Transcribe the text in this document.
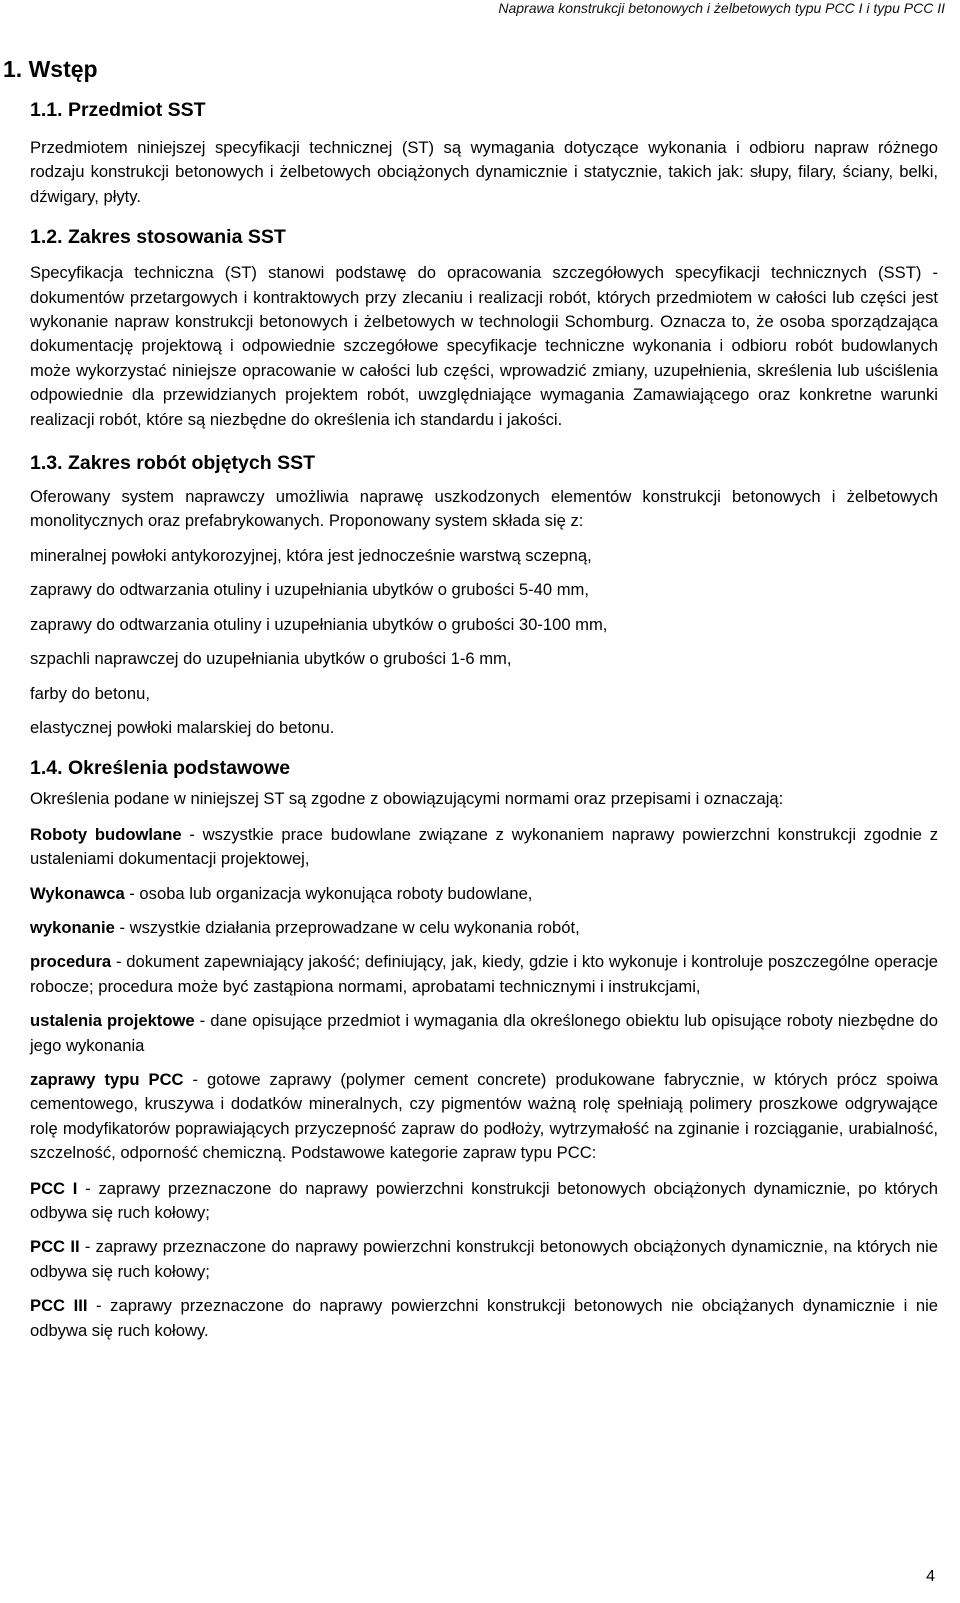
Naprawa konstrukcji betonowych i żelbetowych typu PCC I i typu PCC II
1. Wstęp
1.1. Przedmiot SST

Przedmiotem niniejszej specyfikacji technicznej (ST) są wymagania dotyczące wykonania i odbioru napraw różnego rodzaju konstrukcji betonowych i żelbetowych obciążonych dynamicznie i statycznie, takich jak: słupy, filary, ściany, belki, dźwigary, płyty.

1.2. Zakres stosowania SST

Specyfikacja techniczna (ST) stanowi podstawę do opracowania szczegółowych specyfikacji technicznych (SST) - dokumentów przetargowych i kontraktowych przy zlecaniu i realizacji robót, których przedmiotem w całości lub części jest wykonanie napraw konstrukcji betonowych i żelbetowych w technologii Schomburg. Oznacza to, że osoba sporządzająca dokumentację projektową i odpowiednie szczegółowe specyfikacje techniczne wykonania i odbioru robót budowlanych może wykorzystać niniejsze opracowanie w całości lub części, wprowadzić zmiany, uzupełnienia, skreślenia lub uściślenia odpowiednie dla przewidzianych projektem robót, uwzględniające wymagania Zamawiającego oraz konkretne warunki realizacji robót, które są niezbędne do określenia ich standardu i jakości.

1.3. Zakres robót objętych SST

Oferowany system naprawczy umożliwia naprawę uszkodzonych elementów konstrukcji betonowych i żelbetowych monolitycznych oraz prefabrykowanych. Proponowany system składa się z:

mineralnej powłoki antykorozyjnej, która jest jednocześnie warstwą sczepną,

zaprawy do odtwarzania otuliny i uzupełniania ubytków o grubości 5-40 mm,

zaprawy do odtwarzania otuliny i uzupełniania ubytków o grubości 30-100 mm,

szpachli naprawczej do uzupełniania ubytków o grubości 1-6 mm,

farby do betonu,

elastycznej powłoki malarskiej do betonu.

1.4. Określenia podstawowe

Określenia podane w niniejszej ST są zgodne z obowiązującymi normami oraz przepisami i oznaczają:

Roboty budowlane - wszystkie prace budowlane związane z wykonaniem naprawy powierzchni konstrukcji zgodnie z ustaleniami dokumentacji projektowej,

Wykonawca - osoba lub organizacja wykonująca roboty budowlane,

wykonanie - wszystkie działania przeprowadzane w celu wykonania robót,

procedura - dokument zapewniający jakość; definiujący, jak, kiedy, gdzie i kto wykonuje i kontroluje poszczególne operacje robocze; procedura może być zastąpiona normami, aprobatami technicznymi i instrukcjami,

ustalenia projektowe - dane opisujące przedmiot i wymagania dla określonego obiektu lub opisujące roboty niezbędne do jego wykonania

zaprawy typu PCC - gotowe zaprawy (polymer cement concrete) produkowane fabrycznie, w których prócz spoiwa cementowego, kruszywa i dodatków mineralnych, czy pigmentów ważną rolę spełniają polimery proszkowe odgrywające rolę modyfikatorów poprawiających przyczepność zapraw do podłoży, wytrzymałość na zginanie i rozciąganie, urabialność, szczelność, odporność chemiczną. Podstawowe kategorie zapraw typu PCC:

PCC I - zaprawy przeznaczone do naprawy powierzchni konstrukcji betonowych obciążonych dynamicznie, po których odbywa się ruch kołowy;

PCC II - zaprawy przeznaczone do naprawy powierzchni konstrukcji betonowych obciążonych dynamicznie, na których nie odbywa się ruch kołowy;

PCC III - zaprawy przeznaczone do naprawy powierzchni konstrukcji betonowych nie obciążanych dynamicznie i nie odbywa się ruch kołowy.

4
